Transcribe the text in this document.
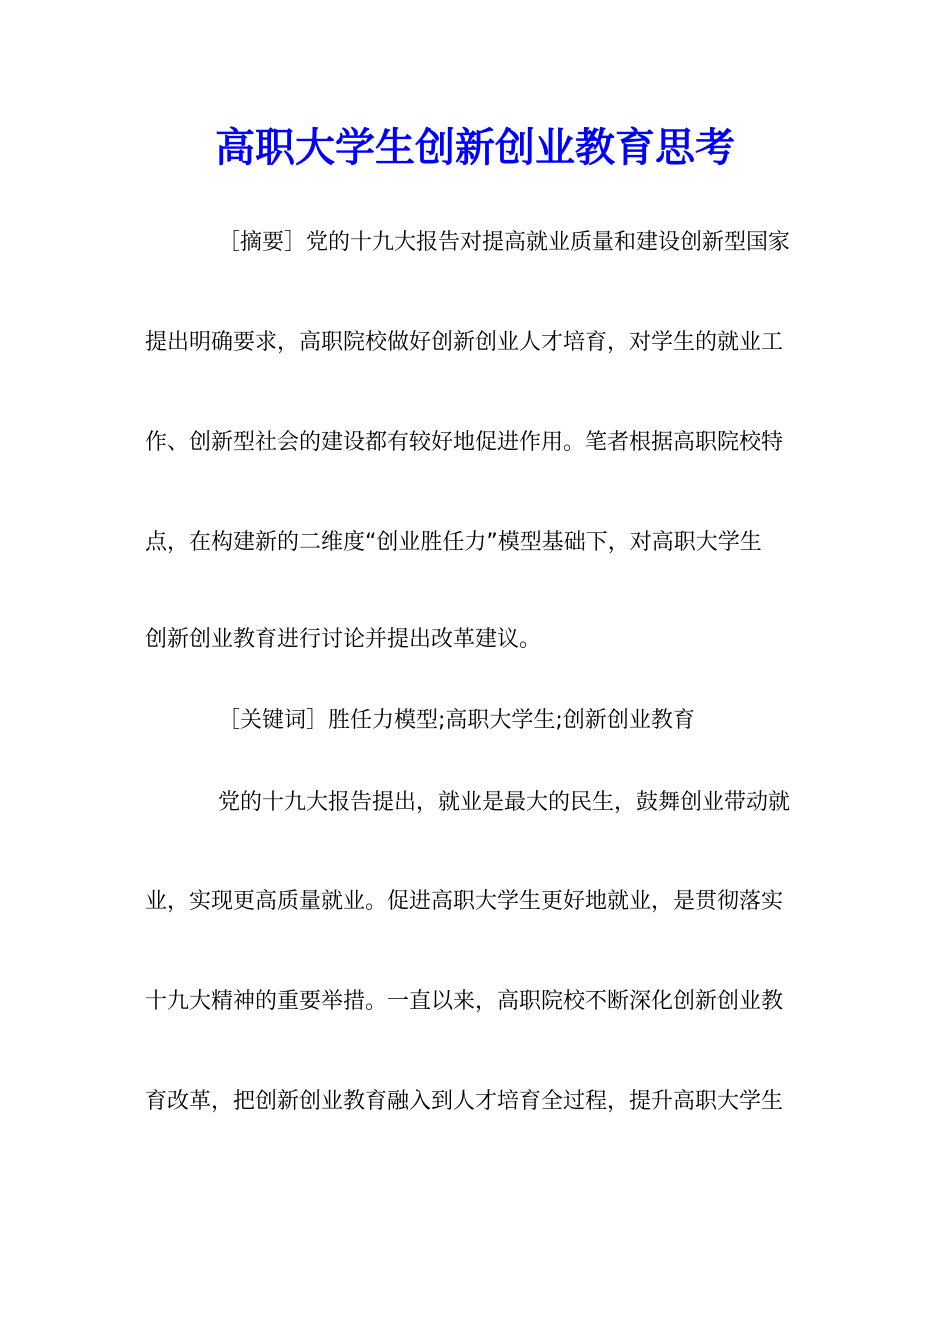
高职大学生创新创业教育思考
［摘要］党的十九大报告对提高就业质量和建设创新型国家
提出明确要求，高职院校做好创新创业人才培育，对学生的就业工
作、创新型社会的建设都有较好地促进作用。笔者根据高职院校特
点，在构建新的二维度“创业胜任力”模型基础下，对高职大学生
创新创业教育进行讨论并提出改革建议。
［关键词］胜任力模型;高职大学生;创新创业教育
党的十九大报告提出，就业是最大的民生，鼓舞创业带动就
业，实现更高质量就业。促进高职大学生更好地就业，是贯彻落实
十九大精神的重要举措。一直以来，高职院校不断深化创新创业教
育改革，把创新创业教育融入到人才培育全过程，提升高职大学生
